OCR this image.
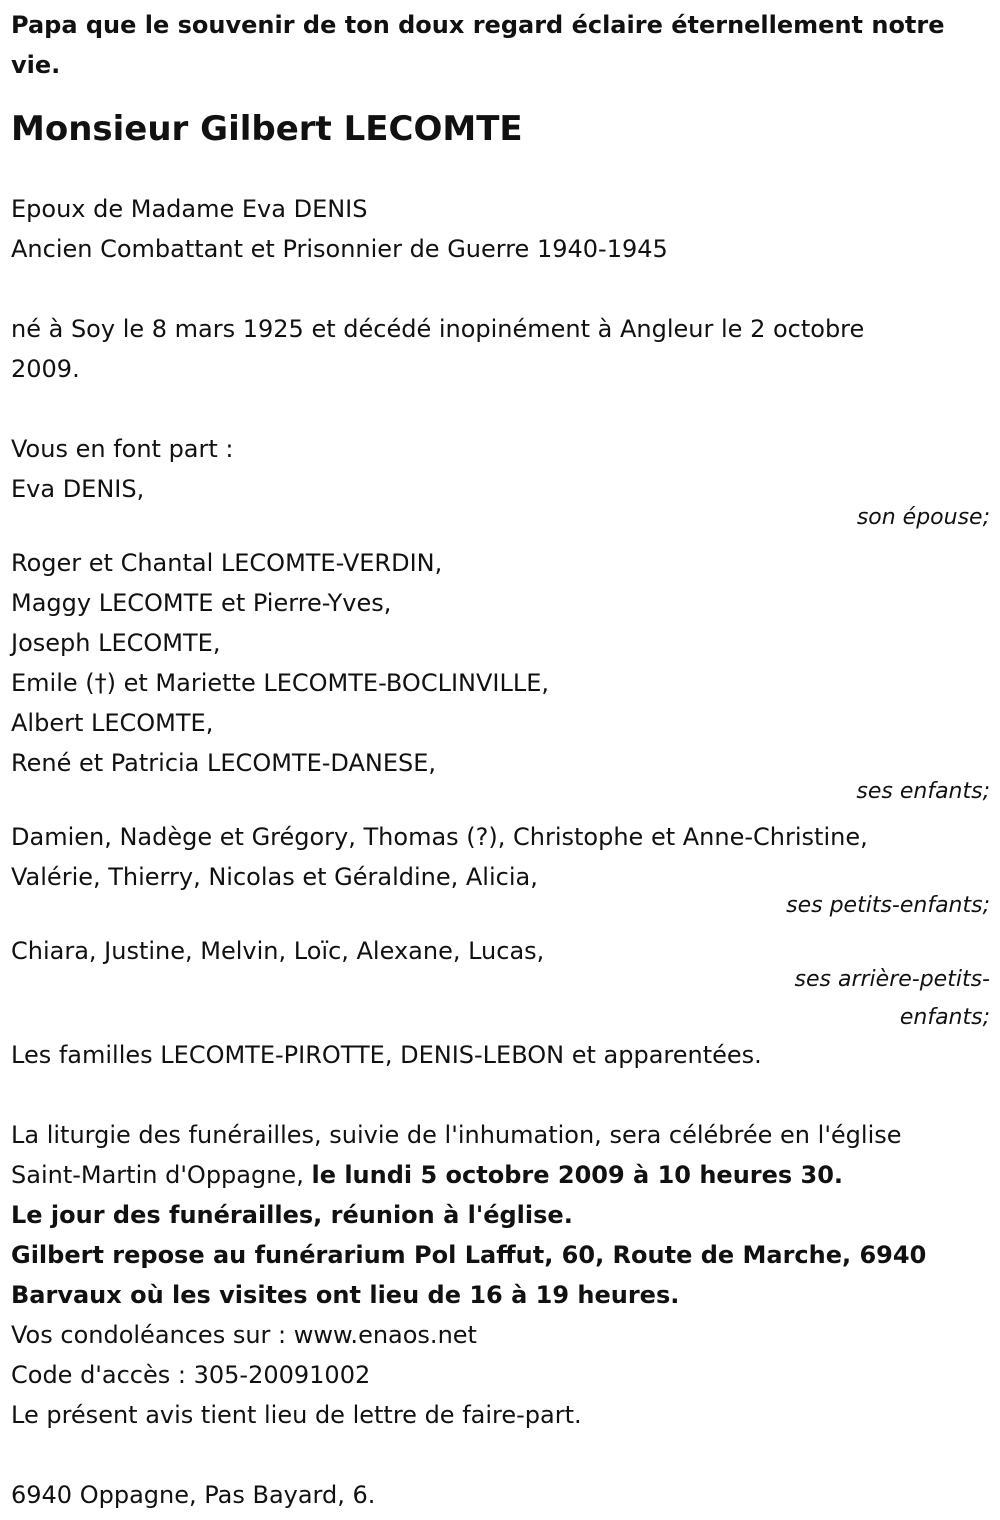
Papa que le souvenir de ton doux regard éclaire éternellement notre vie.
Monsieur Gilbert LECOMTE
Epoux de Madame Eva DENIS
Ancien Combattant et Prisonnier de Guerre 1940-1945
né à Soy le 8 mars 1925 et décédé inopinément à Angleur le 2 octobre
2009.
Vous en font part :
Eva DENIS,
son épouse;
Roger et Chantal LECOMTE-VERDIN,
Maggy LECOMTE et Pierre-Yves,
Joseph LECOMTE,
Emile (†) et Mariette LECOMTE-BOCLINVILLE,
Albert LECOMTE,
René et Patricia LECOMTE-DANESE,
ses enfants;
Damien, Nadège et Grégory, Thomas (?), Christophe et Anne-Christine,
Valérie, Thierry, Nicolas et Géraldine, Alicia,
ses petits-enfants;
Chiara, Justine, Melvin, Loïc, Alexane, Lucas,
ses arrière-petits-
enfants;
Les familles LECOMTE-PIROTTE, DENIS-LEBON et apparentées.
La liturgie des funérailles, suivie de l'inhumation, sera célébrée en l'église
Saint-Martin d'Oppagne, le lundi 5 octobre 2009 à 10 heures 30.
Le jour des funérailles, réunion à l'église.
Gilbert repose au funérarium Pol Laffut, 60, Route de Marche, 6940
Barvaux où les visites ont lieu de 16 à 19 heures.
Vos condoléances sur : www.enaos.net
Code d'accès : 305-20091002
Le présent avis tient lieu de lettre de faire-part.
6940 Oppagne, Pas Bayard, 6.
